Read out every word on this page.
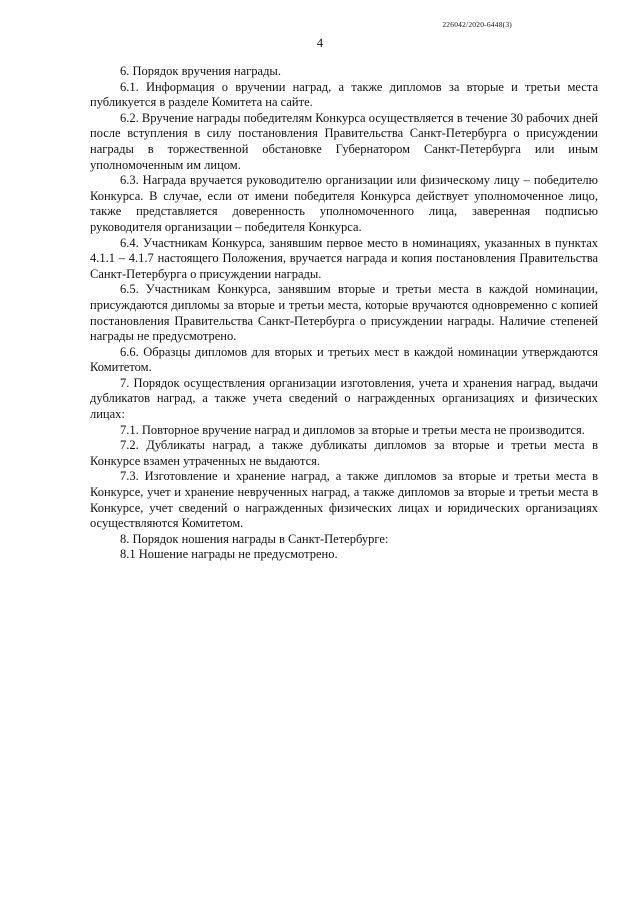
226042/2020-6448(3)
4

6. Порядок вручения награды.

6.1. Информация о вручении наград, а также дипломов за вторые и третьи места публикуется в разделе Комитета на сайте.

6.2. Вручение награды победителям Конкурса осуществляется в течение 30 рабочих дней после вступления в силу постановления Правительства Санкт-Петербурга о присуждении награды в торжественной обстановке Губернатором Санкт-Петербурга или иным уполномоченным им лицом.

6.3. Награда вручается руководителю организации или физическому лицу – победителю Конкурса. В случае, если от имени победителя Конкурса действует уполномоченное лицо, также представляется доверенность уполномоченного лица, заверенная подписью руководителя организации – победителя Конкурса.

6.4. Участникам Конкурса, занявшим первое место в номинациях, указанных в пунктах 4.1.1 – 4.1.7 настоящего Положения, вручается награда и копия постановления Правительства Санкт-Петербурга о присуждении награды.

6.5. Участникам Конкурса, занявшим вторые и третьи места в каждой номинации, присуждаются дипломы за вторые и третьи места, которые вручаются одновременно с копией постановления Правительства Санкт-Петербурга о присуждении награды. Наличие степеней награды не предусмотрено.

6.6. Образцы дипломов для вторых и третьих мест в каждой номинации утверждаются Комитетом.

7. Порядок осуществления организации изготовления, учета и хранения наград, выдачи дубликатов наград, а также учета сведений о награжденных организациях и физических лицах:

7.1. Повторное вручение наград и дипломов за вторые и третьи места не производится.

7.2. Дубликаты наград, а также дубликаты дипломов за вторые и третьи места в Конкурсе взамен утраченных не выдаются.

7.3. Изготовление и хранение наград, а также дипломов за вторые и третьи места в Конкурсе, учет и хранение неврученных наград, а также дипломов за вторые и третьи места в Конкурсе, учет сведений о награжденных физических лицах и юридических организациях осуществляются Комитетом.

8. Порядок ношения награды в Санкт-Петербурге:

8.1 Ношение награды не предусмотрено.
